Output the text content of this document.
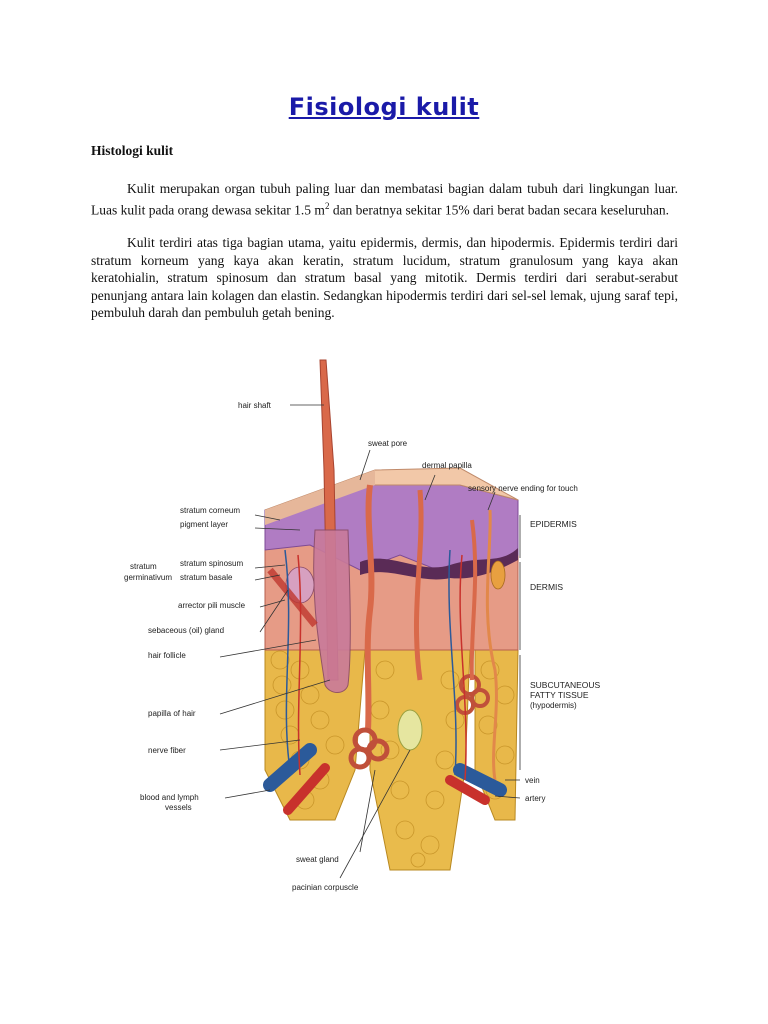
Fisiologi kulit
Histologi kulit

Kulit merupakan organ tubuh paling luar dan membatasi bagian dalam tubuh dari lingkungan luar. Luas kulit pada orang dewasa sekitar 1.5 $m^2$ dan beratnya sekitar 15% dari berat badan secara keseluruhan.

Kulit terdiri atas tiga bagian utama, yaitu epidermis, dermis, dan hipodermis. Epidermis terdiri dari stratum korneum yang kaya akan keratin, stratum lucidum, stratum granulosum yang kaya akan keratohialin, stratum spinosum dan stratum basal yang mitotik. Dermis terdiri dari serabut-serabut penunjang antara lain kolagen dan elastin. Sedangkan hipodermis terdiri dari sel-sel lemak, ujung saraf tepi, pembuluh darah dan pembuluh getah bening.

hair shaft
sweat pore
dermal papilla
sensory nerve ending for touch
stratum corneum
pigment layer
stratum
germinativum
stratum spinosum
stratum basale
arrector pili muscle
sebaceous (oil) gland
hair follicle
papilla of hair
nerve fiber
blood and lymph
vessels
sweat gland
pacinian corpuscle
EPIDERMIS
DERMIS
SUBCUTANEOUS
FATTY TISSUE
(hypodermis)
vein
artery
